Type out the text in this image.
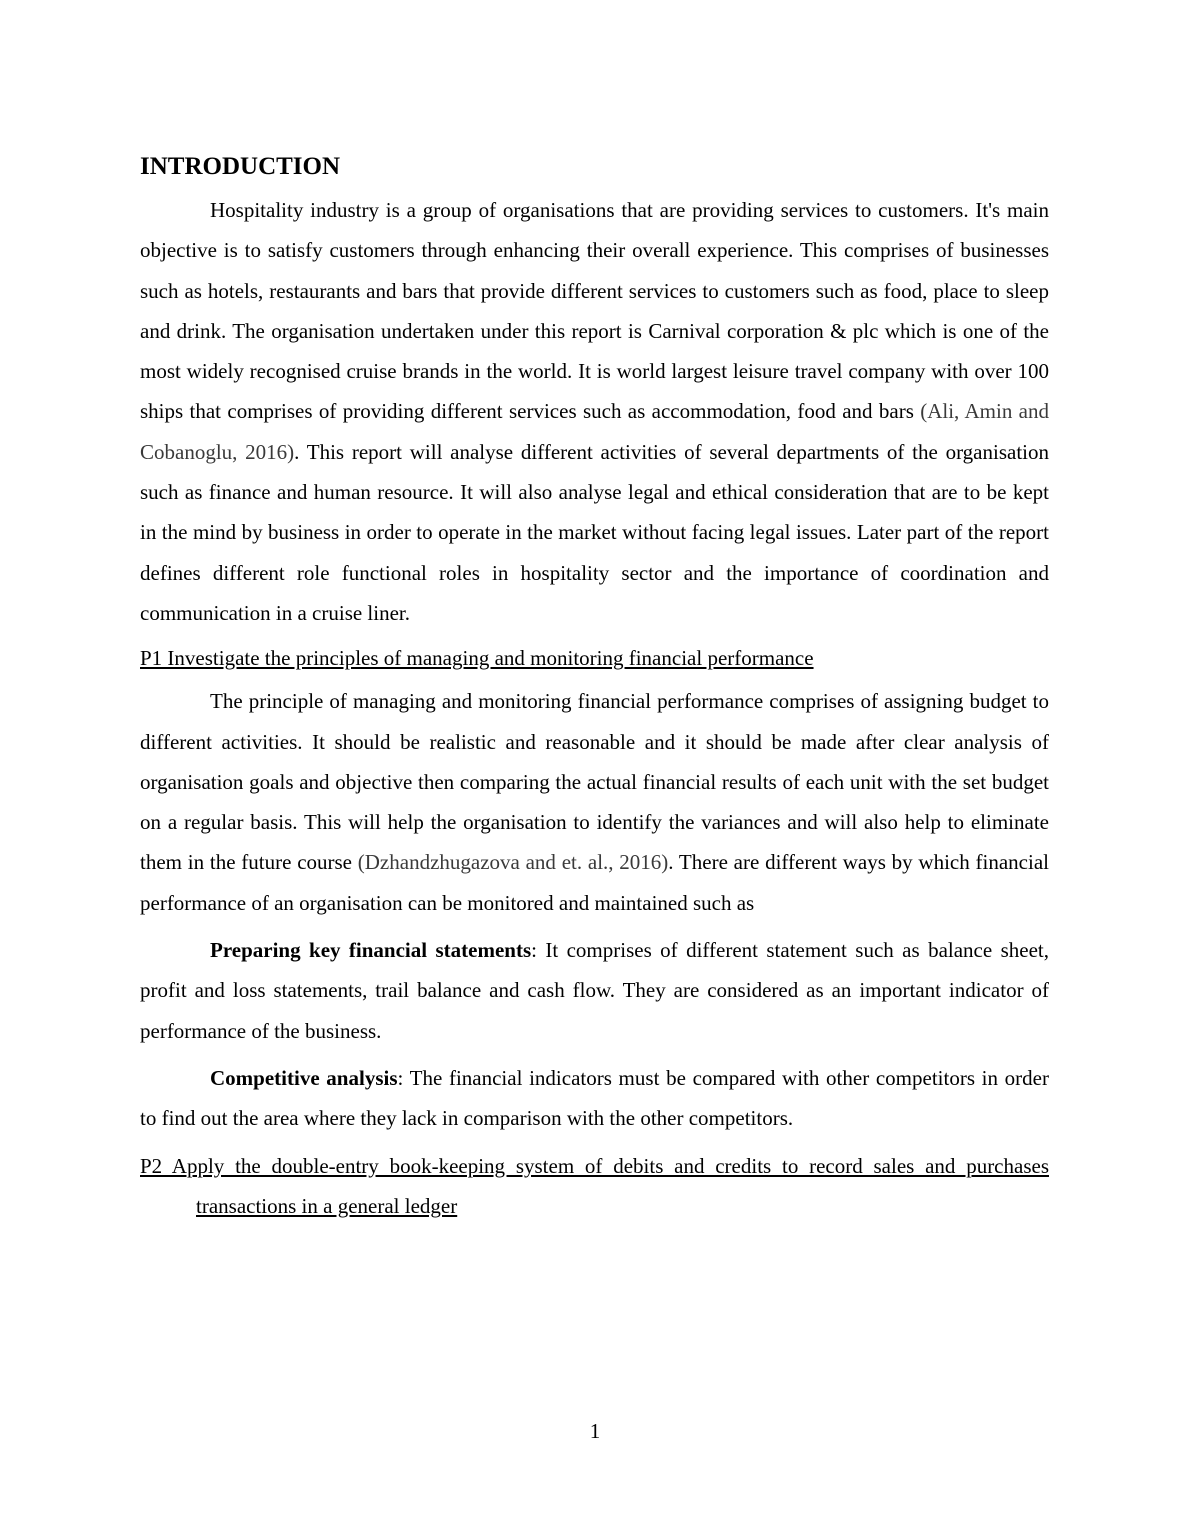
INTRODUCTION

Hospitality industry is a group of organisations that are providing services to customers. It's main objective is to satisfy customers through enhancing their overall experience. This comprises of businesses such as hotels, restaurants and bars that provide different services to customers such as food, place to sleep and drink. The organisation undertaken under this report is Carnival corporation & plc which is one of the most widely recognised cruise brands in the world. It is world largest leisure travel company with over 100 ships that comprises of providing different services such as accommodation, food and bars (Ali, Amin and Cobanoglu, 2016). This report will analyse different activities of several departments of the organisation such as finance and human resource. It will also analyse legal and ethical consideration that are to be kept in the mind by business in order to operate in the market without facing legal issues. Later part of the report defines different role functional roles in hospitality sector and the importance of coordination and communication in a cruise liner.

P1 Investigate the principles of managing and monitoring financial performance

The principle of managing and monitoring financial performance comprises of assigning budget to different activities. It should be realistic and reasonable and it should be made after clear analysis of organisation goals and objective then comparing the actual financial results of each unit with the set budget on a regular basis. This will help the organisation to identify the variances and will also help to eliminate them in the future course (Dzhandzhugazova and et. al., 2016). There are different ways by which financial performance of an organisation can be monitored and maintained such as

Preparing key financial statements: It comprises of different statement such as balance sheet, profit and loss statements, trail balance and cash flow. They are considered as an important indicator of performance of the business.

Competitive analysis: The financial indicators must be compared with other competitors in order to find out the area where they lack in comparison with the other competitors.

P2 Apply the double-entry book-keeping system of debits and credits to record sales and purchases transactions in a general ledger
1
